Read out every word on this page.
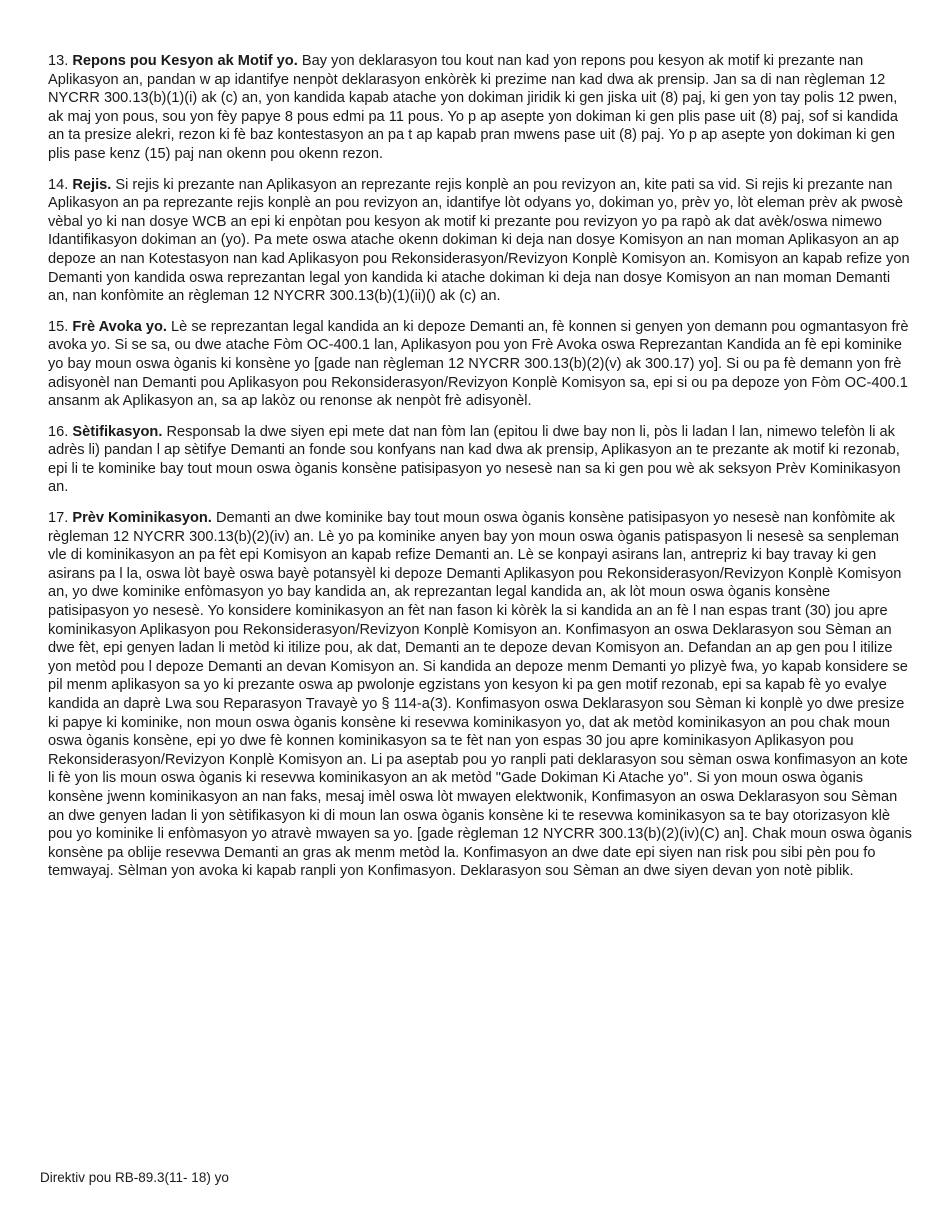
13. Repons pou Kesyon ak Motif yo. Bay yon deklarasyon tou kout nan kad yon repons pou kesyon ak motif ki prezante nan Aplikasyon an, pandan w ap idantifye nenpòt deklarasyon enkòrèk ki prezime nan kad dwa ak prensip. Jan sa di nan règleman 12 NYCRR 300.13(b)(1)(i) ak (c) an, yon kandida kapab atache yon dokiman jiridik ki gen jiska uit (8) paj, ki gen yon tay polis 12 pwen, ak maj yon pous, sou yon fèy papye 8 pous edmi pa 11 pous. Yo p ap asepte yon dokiman ki gen plis pase uit (8) paj, sof si kandida an ta presize alekri, rezon ki fè baz kontestasyon an pa t ap kapab pran mwens pase uit (8) paj. Yo p ap asepte yon dokiman ki gen plis pase kenz (15) paj nan okenn pou okenn rezon.

14. Rejis. Si rejis ki prezante nan Aplikasyon an reprezante rejis konplè an pou revizyon an, kite pati sa vid. Si rejis ki prezante nan Aplikasyon an pa reprezante rejis konplè an pou revizyon an, idantifye lòt odyans yo, dokiman yo, prèv yo, lòt eleman prèv ak pwosè vèbal yo ki nan dosye WCB an epi ki enpòtan pou kesyon ak motif ki prezante pou revizyon yo pa rapò ak dat avèk/oswa nimewo Idantifikasyon dokiman an (yo). Pa mete oswa atache okenn dokiman ki deja nan dosye Komisyon an nan moman Aplikasyon an ap depoze an nan Kotestasyon nan kad Aplikasyon pou Rekonsiderasyon/Revizyon Konplè Komisyon an. Komisyon an kapab refize yon Demanti yon kandida oswa reprezantan legal yon kandida ki atache dokiman ki deja nan dosye Komisyon an nan moman Demanti an, nan konfòmite an règleman 12 NYCRR 300.13(b)(1)(ii)() ak (c) an.

15. Frè Avoka yo. Lè se reprezantan legal kandida an ki depoze Demanti an, fè konnen si genyen yon demann pou ogmantasyon frè avoka yo. Si se sa, ou dwe atache Fòm OC-400.1 lan, Aplikasyon pou yon Frè Avoka oswa Reprezantan Kandida an fè epi kominike yo bay moun oswa òganis ki konsène yo [gade nan règleman 12 NYCRR 300.13(b)(2)(v) ak 300.17) yo]. Si ou pa fè demann yon frè adisyonèl nan Demanti pou Aplikasyon pou Rekonsiderasyon/Revizyon Konplè Komisyon sa, epi si ou pa depoze yon Fòm OC-400.1 ansanm ak Aplikasyon an, sa ap lakòz ou renonse ak nenpòt frè adisyonèl.

16. Sètifikasyon. Responsab la dwe siyen epi mete dat nan fòm lan (epitou li dwe bay non li, pòs li ladan l lan, nimewo telefòn li ak adrès li) pandan l ap sètifye Demanti an fonde sou konfyans nan kad dwa ak prensip, Aplikasyon an te prezante ak motif ki rezonab, epi li te kominike bay tout moun oswa òganis konsène patisipasyon yo nesesè nan sa ki gen pou wè ak seksyon Prèv Kominikasyon an.

17. Prèv Kominikasyon. Demanti an dwe kominike bay tout moun oswa òganis konsène patisipasyon yo nesesè nan konfòmite ak règleman 12 NYCRR 300.13(b)(2)(iv) an. Lè yo pa kominike anyen bay yon moun oswa òganis patispasyon li nesesè sa senpleman vle di kominikasyon an pa fèt epi Komisyon an kapab refize Demanti an. Lè se konpayi asirans lan, antrepriz ki bay travay ki gen asirans pa l la, oswa lòt bayè oswa bayè potansyèl ki depoze Demanti Aplikasyon pou Rekonsiderasyon/Revizyon Konplè Komisyon an, yo dwe kominike enfòmasyon yo bay kandida an, ak reprezantan legal kandida an, ak lòt moun oswa òganis konsène patisipasyon yo nesesè. Yo konsidere kominikasyon an fèt nan fason ki kòrèk la si kandida an an fè l nan espas trant (30) jou apre kominikasyon Aplikasyon pou Rekonsiderasyon/Revizyon Konplè Komisyon an. Konfimasyon an oswa Deklarasyon sou Sèman an dwe fèt, epi genyen ladan li metòd ki itilize pou, ak dat, Demanti an te depoze devan Komisyon an. Defandan an ap gen pou l itilize yon metòd pou l depoze Demanti an devan Komisyon an. Si kandida an depoze menm Demanti yo plizyè fwa, yo kapab konsidere se pil menm aplikasyon sa yo ki prezante oswa ap pwolonje egzistans yon kesyon ki pa gen motif rezonab, epi sa kapab fè yo evalye kandida an daprè Lwa sou Reparasyon Travayè yo § 114-a(3). Konfimasyon oswa Deklarasyon sou Sèman ki konplè yo dwe presize ki papye ki kominike, non moun oswa òganis konsène ki resevwa kominikasyon yo, dat ak metòd kominikasyon an pou chak moun oswa òganis konsène, epi yo dwe fè konnen kominikasyon sa te fèt nan yon espas 30 jou apre kominikasyon Aplikasyon pou Rekonsiderasyon/Revizyon Konplè Komisyon an. Li pa aseptab pou yo ranpli pati deklarasyon sou sèman oswa konfimasyon an kote li fè yon lis moun oswa òganis ki resevwa kominikasyon an ak metòd "Gade Dokiman Ki Atache yo". Si yon moun oswa òganis konsène jwenn kominikasyon an nan faks, mesaj imèl oswa lòt mwayen elektwonik, Konfimasyon an oswa Deklarasyon sou Sèman an dwe genyen ladan li yon sètifikasyon ki di moun lan oswa òganis konsène ki te resevwa kominikasyon sa te bay otorizasyon klè pou yo kominike li enfòmasyon yo atravè mwayen sa yo. [gade règleman 12 NYCRR 300.13(b)(2)(iv)(C) an]. Chak moun oswa òganis konsène pa oblije resevwa Demanti an gras ak menm metòd la. Konfimasyon an dwe date epi siyen nan risk pou sibi pèn pou fo temwayaj. Sèlman yon avoka ki kapab ranpli yon Konfimasyon. Deklarasyon sou Sèman an dwe siyen devan yon notè piblik.

Direktiv pou RB-89.3(11- 18) yo
